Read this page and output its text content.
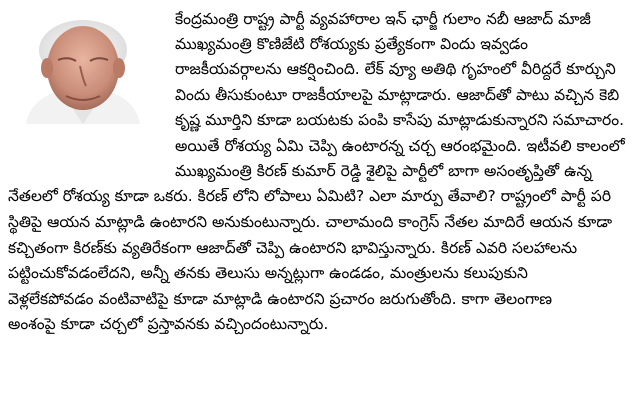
కేంద్రమంత్రి రాష్ట్ర పార్టీ వ్యవహారాల ఇన్ ఛార్జీ గులాం నబీ ఆజాద్ మాజీ
ముఖ్యమంత్రి కొణిజేటి రోశయ్యకు ప్రత్యేకంగా విందు ఇవ్వడం
రాజకీయవర్గాలను ఆకర్షించింది. లేక్ వ్యూ అతిథి గృహంలో వీరిద్దరే కూర్చుని
విందు తీసుకుంటూ రాజకీయాలపై మాట్లాడారు. ఆజాద్‌తో పాటు వచ్చిన కెబి
కృష్ణ మూర్తిని కూడా బయటకు పంపి కాసేపు మాట్లాడుకున్నారని సమాచారం.
అయితే రోశయ్య ఏమి చెప్పి ఉంటారన్న చర్చ ఆరంభమైంది. ఇటీవలి కాలంలో
ముఖ్యమంత్రి కిరణ్ కుమార్ రెడ్డి శైలిపై పార్టీలో బాగా అసంతృప్తితో ఉన్న
నేతలలో రోశయ్య కూడా ఒకరు. కిరణ్ లోని లోపాలు ఏమిటి? ఎలా మార్పు తేవాలి? రాష్ట్రంలో పార్టీ పరి
స్థితిపై ఆయన మాట్లాడి ఉంటారని అనుకుంటున్నారు. చాలామంది కాంగ్రెస్ నేతల మాదిరే ఆయన కూడా
కచ్చితంగా కిరణ్‌కు వ్యతిరేకంగా ఆజాద్‌తో చెప్పి ఉంటారని భావిస్తున్నారు. కిరణ్ ఎవరి సలహాలను
పట్టించుకోవడంలేదని, అన్నీ తనకు తెలుసు అన్నట్లుగా ఉండడం, మంత్రులను కలుపుకుని
వెళ్లలేకపోవడం వంటివాటిపై కూడా మాట్లాడి ఉంటారని ప్రచారం జరుగుతోంది. కాగా తెలంగాణ
అంశంపై కూడా చర్చలో ప్రస్తావనకు వచ్చిందంటున్నారు.
